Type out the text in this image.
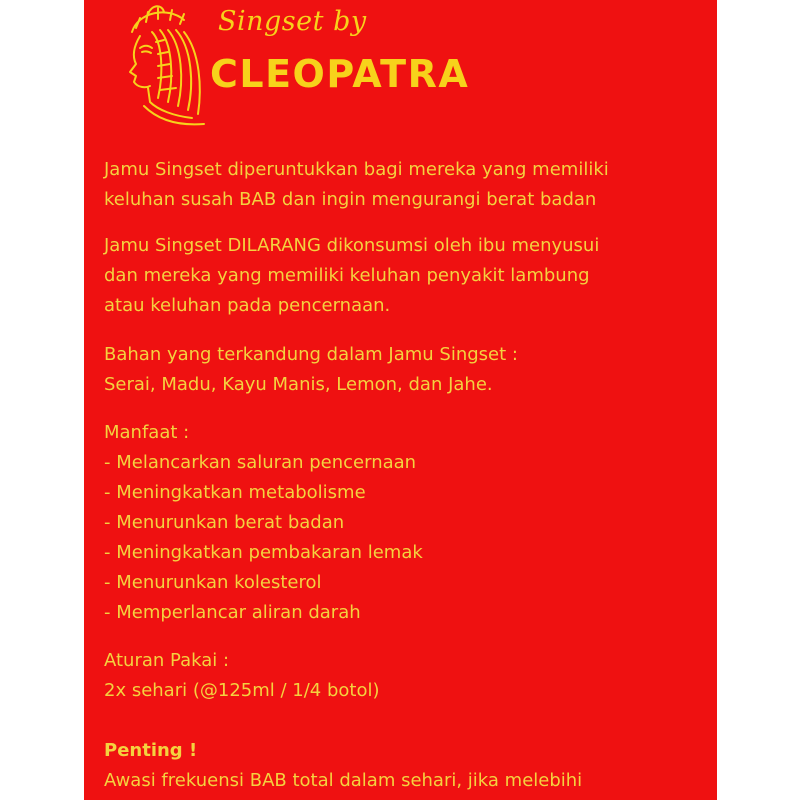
Singset by
CLEOPATRA
Jamu Singset diperuntukkan bagi mereka yang memiliki
keluhan susah BAB dan ingin mengurangi berat badan
Jamu Singset DILARANG dikonsumsi oleh ibu menyusui
dan mereka yang memiliki keluhan penyakit lambung
atau keluhan pada pencernaan.
Bahan yang terkandung dalam Jamu Singset :
Serai, Madu, Kayu Manis, Lemon, dan Jahe.
Manfaat :
- Melancarkan saluran pencernaan
- Meningkatkan metabolisme
- Menurunkan berat badan
- Meningkatkan pembakaran lemak
- Menurunkan kolesterol
- Memperlancar aliran darah
Aturan Pakai :
2x sehari (@125ml / 1/4 botol)
Penting !
Awasi frekuensi BAB total dalam sehari, jika melebihi
